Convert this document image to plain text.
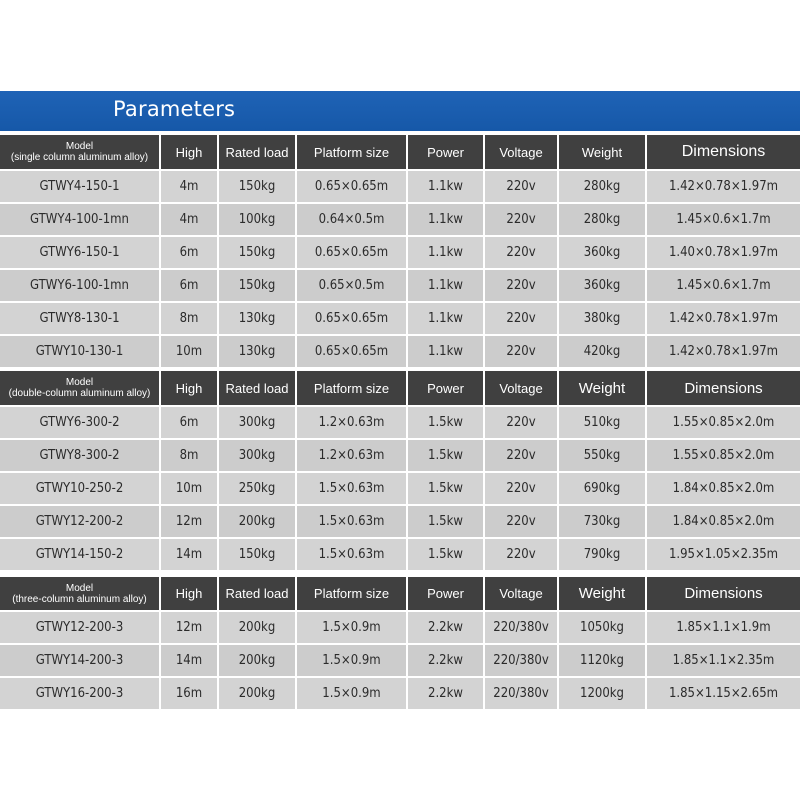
Parameters
Model
(single column aluminum alloy)	High	Rated load	Platform size	Power	Voltage	Weight	Dimensions
GTWY4-150-1	4m	150kg	0.65×0.65m	1.1kw	220v	280kg	1.42×0.78×1.97m
GTWY4-100-1mn	4m	100kg	0.64×0.5m	1.1kw	220v	280kg	1.45×0.6×1.7m
GTWY6-150-1	6m	150kg	0.65×0.65m	1.1kw	220v	360kg	1.40×0.78×1.97m
GTWY6-100-1mn	6m	150kg	0.65×0.5m	1.1kw	220v	360kg	1.45×0.6×1.7m
GTWY8-130-1	8m	130kg	0.65×0.65m	1.1kw	220v	380kg	1.42×0.78×1.97m
GTWY10-130-1	10m	130kg	0.65×0.65m	1.1kw	220v	420kg	1.42×0.78×1.97m
Model
(double-column aluminum alloy)	High	Rated load	Platform size	Power	Voltage	Weight	Dimensions
GTWY6-300-2	6m	300kg	1.2×0.63m	1.5kw	220v	510kg	1.55×0.85×2.0m
GTWY8-300-2	8m	300kg	1.2×0.63m	1.5kw	220v	550kg	1.55×0.85×2.0m
GTWY10-250-2	10m	250kg	1.5×0.63m	1.5kw	220v	690kg	1.84×0.85×2.0m
GTWY12-200-2	12m	200kg	1.5×0.63m	1.5kw	220v	730kg	1.84×0.85×2.0m
GTWY14-150-2	14m	150kg	1.5×0.63m	1.5kw	220v	790kg	1.95×1.05×2.35m
Model
(three-column aluminum alloy)	High	Rated load	Platform size	Power	Voltage	Weight	Dimensions
GTWY12-200-3	12m	200kg	1.5×0.9m	2.2kw	220/380v	1050kg	1.85×1.1×1.9m
GTWY14-200-3	14m	200kg	1.5×0.9m	2.2kw	220/380v	1120kg	1.85×1.1×2.35m
GTWY16-200-3	16m	200kg	1.5×0.9m	2.2kw	220/380v	1200kg	1.85×1.15×2.65m
